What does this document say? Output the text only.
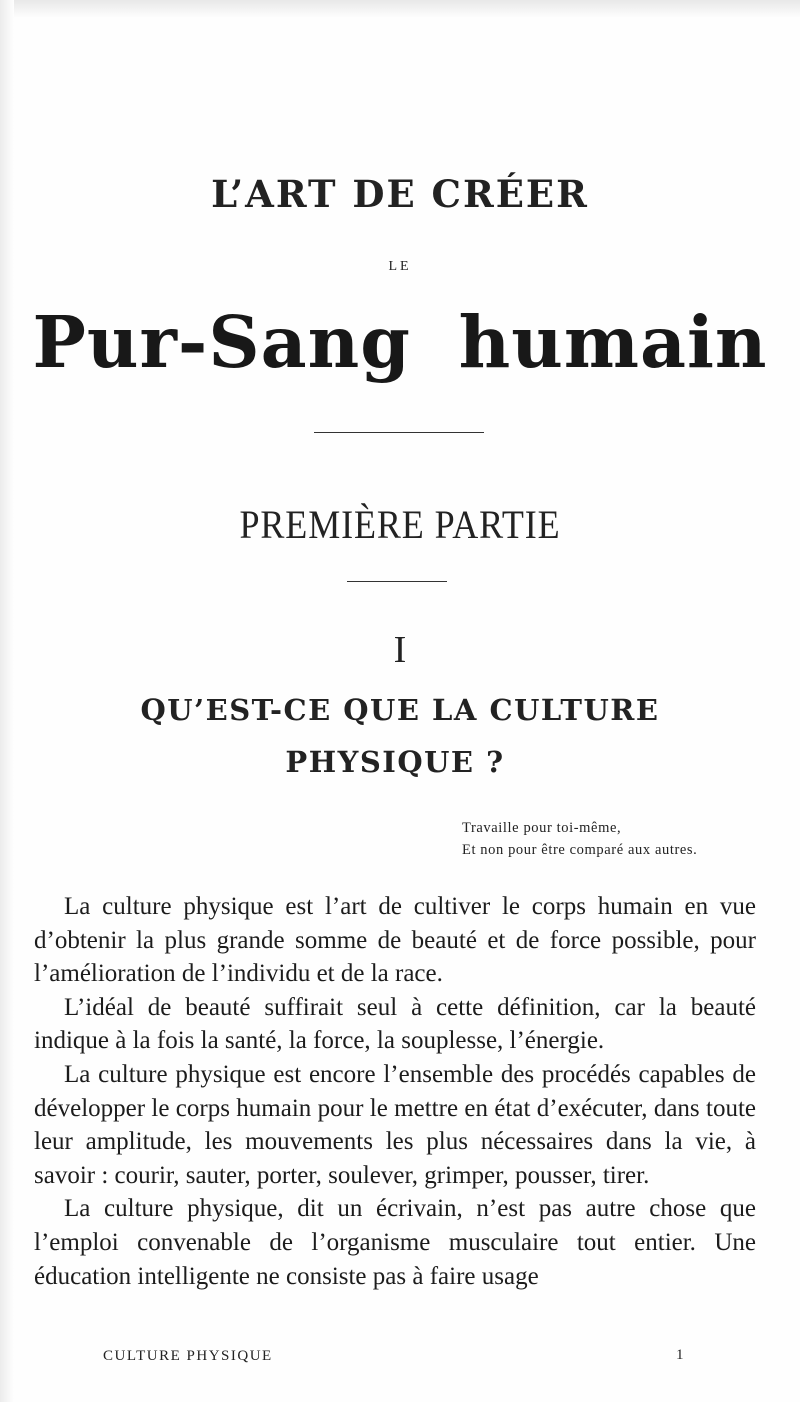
L’ART DE CRÉER
LE
Pur-Sang humain
PREMIÈRE PARTIE
I
QU’EST-CE QUE LA CULTURE
PHYSIQUE ?
Travaille pour toi-même,
Et non pour être comparé aux autres.

La culture physique est l’art de cultiver le corps humain en vue d’obtenir la plus grande somme de beauté et de force possible, pour l’amélioration de l’individu et de la race.

L’idéal de beauté suffirait seul à cette définition, car la beauté indique à la fois la santé, la force, la souplesse, l’énergie.

La culture physique est encore l’ensemble des procédés capables de développer le corps humain pour le mettre en état d’exécuter, dans toute leur amplitude, les mouvements les plus nécessaires dans la vie, à savoir : courir, sauter, porter, soulever, grimper, pousser, tirer.

La culture physique, dit un écrivain, n’est pas autre chose que l’emploi convenable de l’organisme musculaire tout entier. Une éducation intelligente ne consiste pas à faire usage

CULTURE PHYSIQUE	1
